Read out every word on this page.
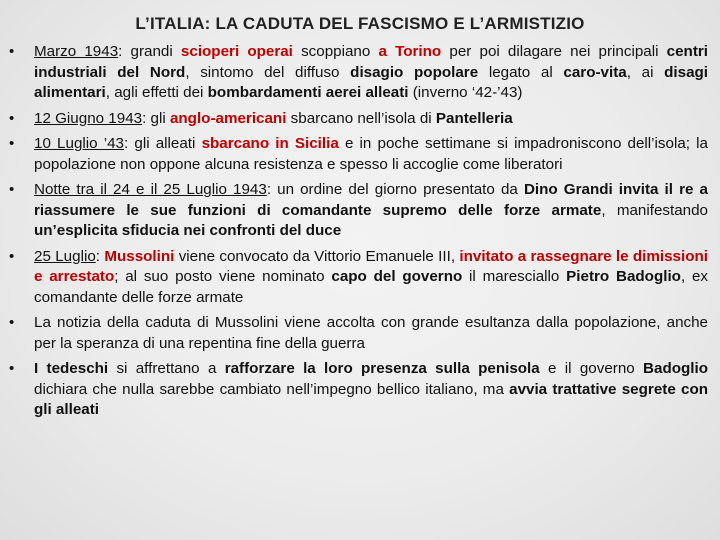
L’ITALIA: LA CADUTA DEL FASCISMO E L’ARMISTIZIO
• Marzo 1943: grandi scioperi operai scoppiano a Torino per poi dilagare nei principali centri industriali del Nord, sintomo del diffuso disagio popolare legato al caro-vita, ai disagi alimentari, agli effetti dei bombardamenti aerei alleati (inverno ‘42-’43)
• 12 Giugno 1943: gli anglo-americani sbarcano nell’isola di Pantelleria
• 10 Luglio ’43: gli alleati sbarcano in Sicilia e in poche settimane si impadroniscono dell’isola; la popolazione non oppone alcuna resistenza e spesso li accoglie come liberatori
• Notte tra il 24 e il 25 Luglio 1943: un ordine del giorno presentato da Dino Grandi invita il re a riassumere le sue funzioni di comandante supremo delle forze armate, manifestando un’esplicita sfiducia nei confronti del duce
• 25 Luglio: Mussolini viene convocato da Vittorio Emanuele III, invitato a rassegnare le dimissioni e arrestato; al suo posto viene nominato capo del governo il maresciallo Pietro Badoglio, ex comandante delle forze armate
• La notizia della caduta di Mussolini viene accolta con grande esultanza dalla popolazione, anche per la speranza di una repentina fine della guerra
• I tedeschi si affrettano a rafforzare la loro presenza sulla penisola e il governo Badoglio dichiara che nulla sarebbe cambiato nell’impegno bellico italiano, ma avvia trattative segrete con gli alleati
